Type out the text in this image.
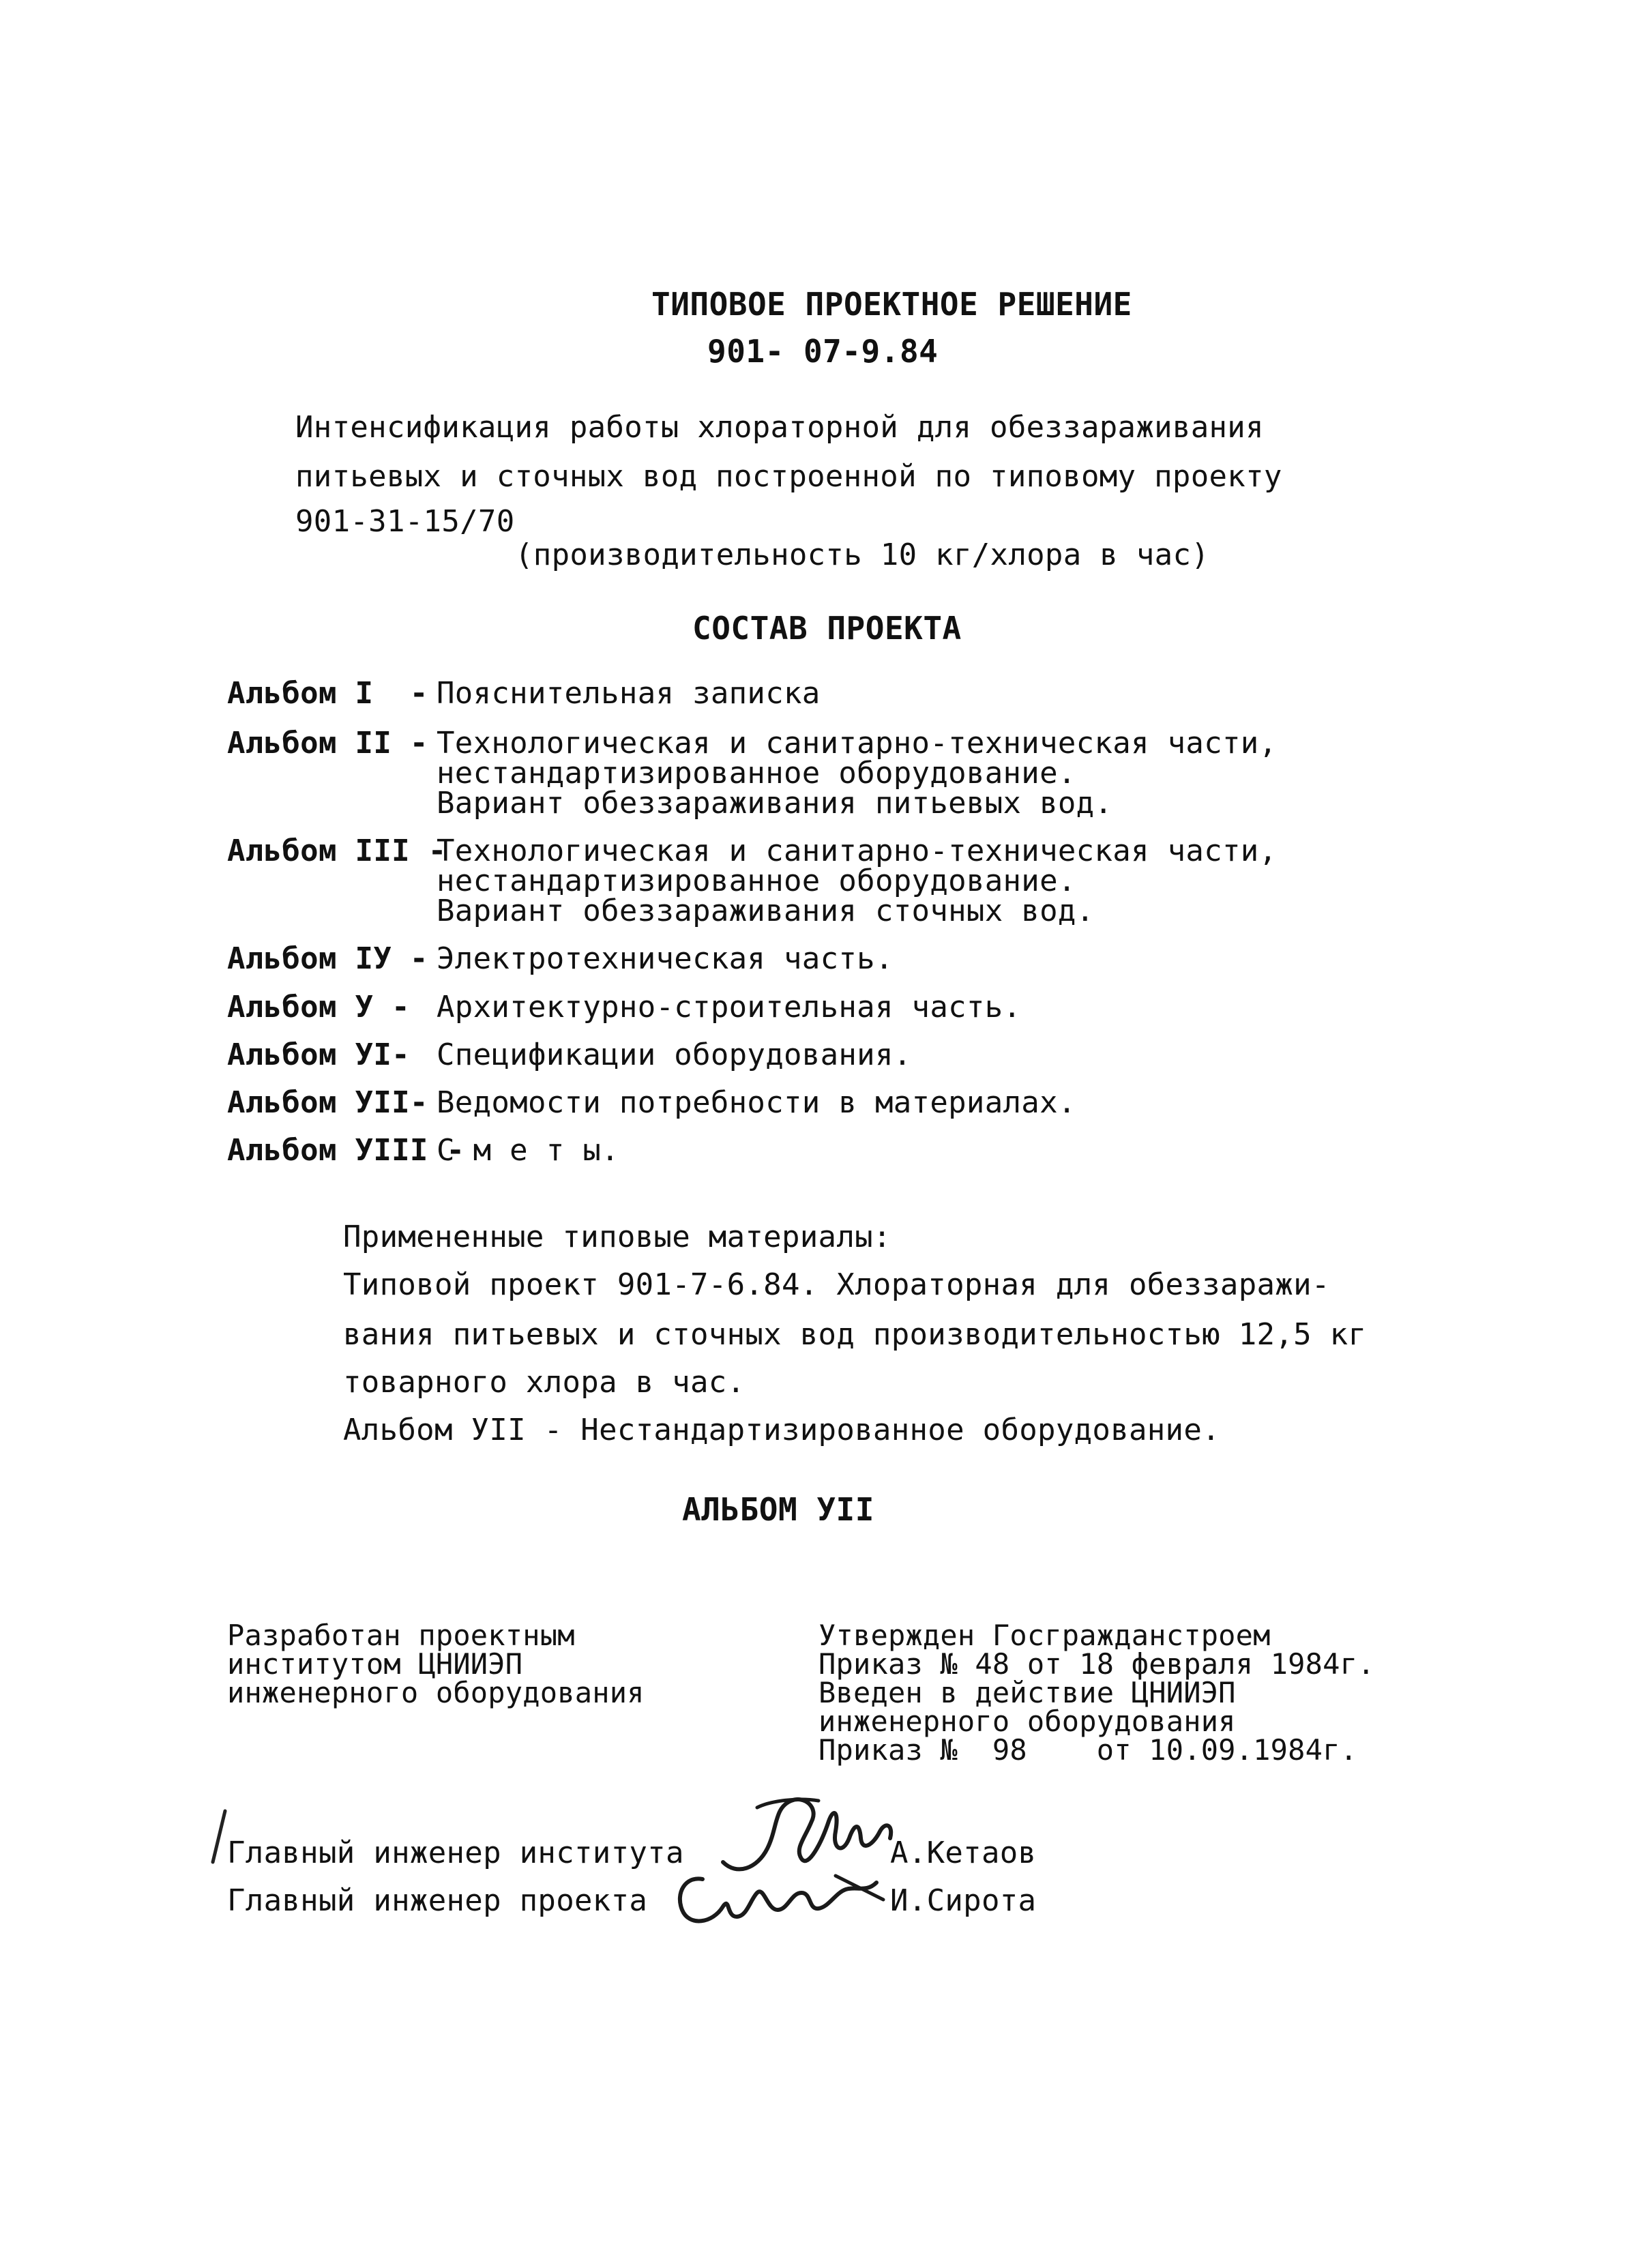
ТИПОВОЕ ПРОЕКТНОЕ РЕШЕНИЕ
901- 07-9.84
Интенсификация работы хлораторной для обеззараживания
питьевых и сточных вод построенной по типовому проекту
901-31-15/70
(производительность 10 кг/хлора в час)
СОСТАВ ПРОЕКТА
Альбом I  -
Пояснительная записка
Альбом II -
Технологическая и санитарно-техническая части,
нестандартизированное оборудование.
Вариант обеззараживания питьевых вод.
Альбом III -
Технологическая и санитарно-техническая части,
нестандартизированное оборудование.
Вариант обеззараживания сточных вод.
Альбом IУ -
Электротехническая часть.
Альбом У - Архитектурно-строительная часть.
Альбом УI- Спецификации оборудования.
Альбом УII-
Ведомости потребности в материалах.
Альбом УIII -
С м е т ы.
Примененные типовые материалы:
Типовой проект 901-7-6.84. Хлораторная для обеззаражи-
вания питьевых и сточных вод производительностью 12,5 кг
товарного хлора в час.
Альбом УII - Нестандартизированное оборудование.
АЛЬБОМ УII
Разработан проектным
институтом ЦНИИЭП
инженерного оборудования
Утвержден Госгражданстроем
Приказ № 48 от 18 февраля 1984г.
Введен в действие ЦНИИЭП
инженерного оборудования
Приказ №  98    от 10.09.1984г.
Главный инженер института	А.Кетаов
Главный инженер проекта	И.Сирота
